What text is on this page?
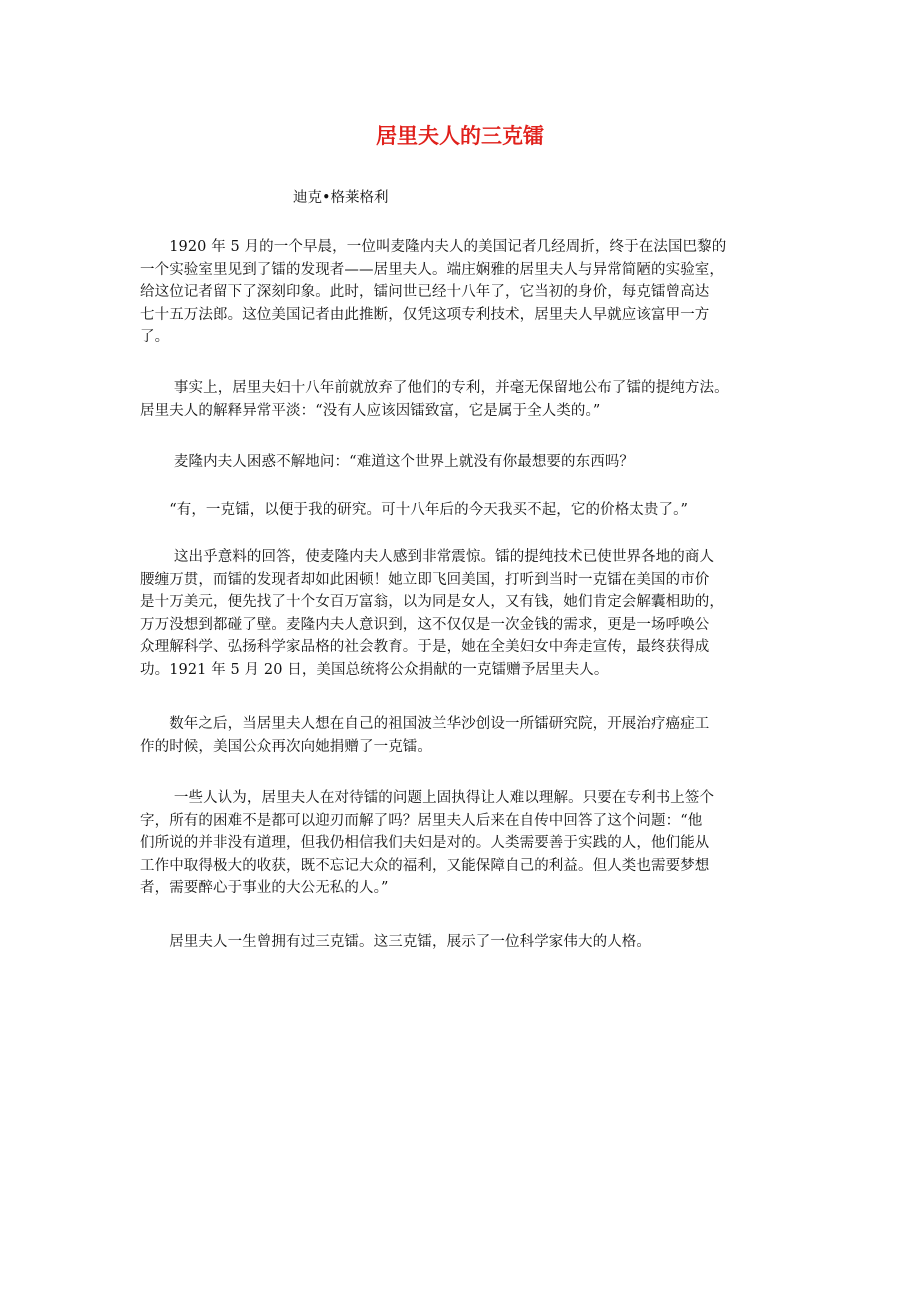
居里夫人的三克镭

迪克•格莱格利

　　1920 年 5 月的一个早晨，一位叫麦隆内夫人的美国记者几经周折，终于在法国巴黎的
一个实验室里见到了镭的发现者——居里夫人。端庄娴雅的居里夫人与异常简陋的实验室，
给这位记者留下了深刻印象。此时，镭问世已经十八年了，它当初的身价，每克镭曾高达
七十五万法郎。这位美国记者由此推断，仅凭这项专利技术，居里夫人早就应该富甲一方
了。

　　 事实上，居里夫妇十八年前就放弃了他们的专利，并毫无保留地公布了镭的提纯方法。
居里夫人的解释异常平淡：“没有人应该因镭致富，它是属于全人类的。”

　　 麦隆内夫人困惑不解地问：“难道这个世界上就没有你最想要的东西吗？

　　“有，一克镭，以便于我的研究。可十八年后的今天我买不起，它的价格太贵了。”

　　 这出乎意料的回答，使麦隆内夫人感到非常震惊。镭的提纯技术已使世界各地的商人
腰缠万贯，而镭的发现者却如此困顿！她立即飞回美国，打听到当时一克镭在美国的市价
是十万美元，便先找了十个女百万富翁，以为同是女人，又有钱，她们肯定会解囊相助的，
万万没想到都碰了壁。麦隆内夫人意识到，这不仅仅是一次金钱的需求，更是一场呼唤公
众理解科学、弘扬科学家品格的社会教育。于是，她在全美妇女中奔走宣传，最终获得成
功。1921 年 5 月 20 日，美国总统将公众捐献的一克镭赠予居里夫人。

　　数年之后，当居里夫人想在自己的祖国波兰华沙创设一所镭研究院，开展治疗癌症工
作的时候，美国公众再次向她捐赠了一克镭。

　　 一些人认为，居里夫人在对待镭的问题上固执得让人难以理解。只要在专利书上签个
字，所有的困难不是都可以迎刃而解了吗？居里夫人后来在自传中回答了这个问题：“他
们所说的并非没有道理，但我仍相信我们夫妇是对的。人类需要善于实践的人，他们能从
工作中取得极大的收获，既不忘记大众的福利，又能保障自己的利益。但人类也需要梦想
者，需要醉心于事业的大公无私的人。”

　　居里夫人一生曾拥有过三克镭。这三克镭，展示了一位科学家伟大的人格。
